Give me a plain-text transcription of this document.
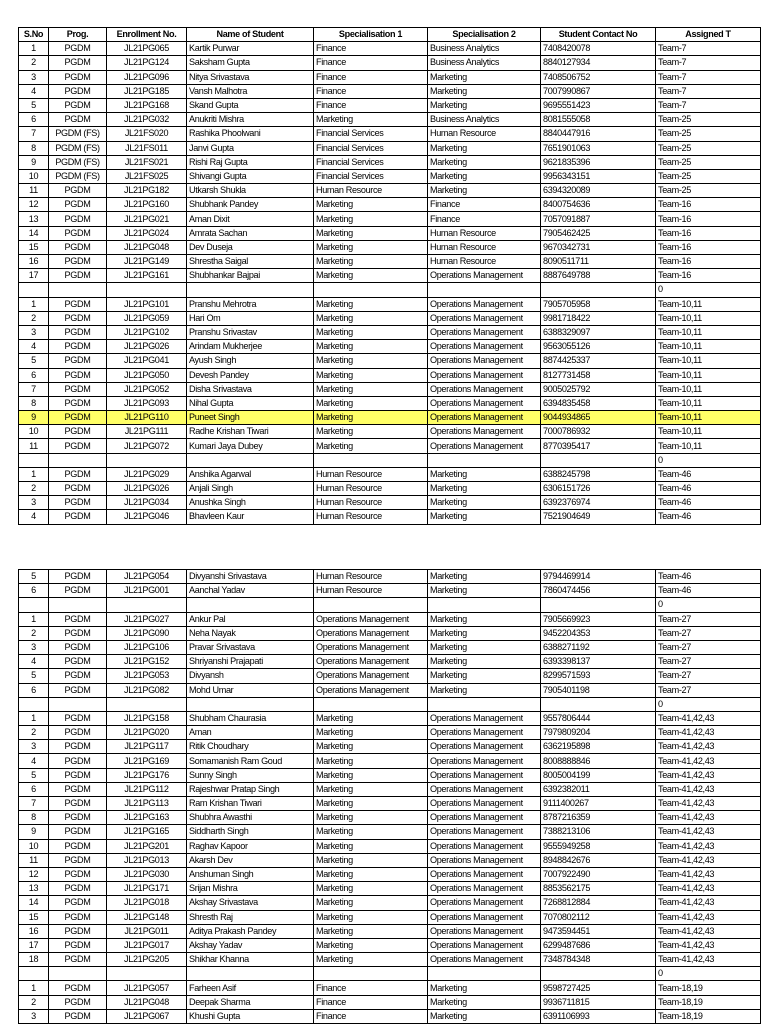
S.No	Prog.	Enrollment No.	Name of Student	Specialisation 1	Specialisation 2	Student Contact No	Assigned T
1	PGDM	JL21PG065	Kartik Purwar	Finance	Business Analytics	7408420078	Team-7
2	PGDM	JL21PG124	Saksham Gupta	Finance	Business Analytics	8840127934	Team-7
3	PGDM	JL21PG096	Nitya Srivastava	Finance	Marketing	7408506752	Team-7
4	PGDM	JL21PG185	Vansh Malhotra	Finance	Marketing	7007990867	Team-7
5	PGDM	JL21PG168	Skand Gupta	Finance	Marketing	9695551423	Team-7
6	PGDM	JL21PG032	Anukriti Mishra	Marketing	Business Analytics	8081555058	Team-25
7	PGDM (FS)	JL21FS020	Rashika Phoolwani	Financial Services	Human Resource	8840447916	Team-25
8	PGDM (FS)	JL21FS011	Janvi Gupta	Financial Services	Marketing	7651901063	Team-25
9	PGDM (FS)	JL21FS021	Rishi Raj Gupta	Financial Services	Marketing	9621835396	Team-25
10	PGDM (FS)	JL21FS025	Shivangi Gupta	Financial Services	Marketing	9956343151	Team-25
11	PGDM	JL21PG182	Utkarsh Shukla	Human Resource	Marketing	6394320089	Team-25
12	PGDM	JL21PG160	Shubhank Pandey	Marketing	Finance	8400754636	Team-16
13	PGDM	JL21PG021	Aman Dixit	Marketing	Finance	7057091887	Team-16
14	PGDM	JL21PG024	Amrata Sachan	Marketing	Human Resource	7905462425	Team-16
15	PGDM	JL21PG048	Dev Duseja	Marketing	Human Resource	9670342731	Team-16
16	PGDM	JL21PG149	Shrestha Saigal	Marketing	Human Resource	8090511711	Team-16
17	PGDM	JL21PG161	Shubhankar Bajpai	Marketing	Operations Management	8887649788	Team-16
							0
1	PGDM	JL21PG101	Pranshu Mehrotra	Marketing	Operations Management	7905705958	Team-10,11
2	PGDM	JL21PG059	Hari Om	Marketing	Operations Management	9981718422	Team-10,11
3	PGDM	JL21PG102	Pranshu Srivastav	Marketing	Operations Management	6388329097	Team-10,11
4	PGDM	JL21PG026	Arindam Mukherjee	Marketing	Operations Management	9563055126	Team-10,11
5	PGDM	JL21PG041	Ayush Singh	Marketing	Operations Management	8874425337	Team-10,11
6	PGDM	JL21PG050	Devesh Pandey	Marketing	Operations Management	8127731458	Team-10,11
7	PGDM	JL21PG052	Disha Srivastava	Marketing	Operations Management	9005025792	Team-10,11
8	PGDM	JL21PG093	Nihal Gupta	Marketing	Operations Management	6394835458	Team-10,11
9	PGDM	JL21PG110	Puneet Singh	Marketing	Operations Management	9044934865	Team-10,11
10	PGDM	JL21PG111	Radhe Krishan Tiwari	Marketing	Operations Management	7000786932	Team-10,11
11	PGDM	JL21PG072	Kumari Jaya Dubey	Marketing	Operations Management	8770395417	Team-10,11
							0
1	PGDM	JL21PG029	Anshika Agarwal	Human Resource	Marketing	6388245798	Team-46
2	PGDM	JL21PG026	Anjali Singh	Human Resource	Marketing	6306151726	Team-46
3	PGDM	JL21PG034	Anushka Singh	Human Resource	Marketing	6392376974	Team-46
4	PGDM	JL21PG046	Bhavleen Kaur	Human Resource	Marketing	7521904649	Team-46
5	PGDM	JL21PG054	Divyanshi Srivastava	Human Resource	Marketing	9794469914	Team-46
6	PGDM	JL21PG001	Aanchal Yadav	Human Resource	Marketing	7860474456	Team-46
							0
1	PGDM	JL21PG027	Ankur Pal	Operations Management	Marketing	7905669923	Team-27
2	PGDM	JL21PG090	Neha Nayak	Operations Management	Marketing	9452204353	Team-27
3	PGDM	JL21PG106	Pravar Srivastava	Operations Management	Marketing	6388271192	Team-27
4	PGDM	JL21PG152	Shriyanshi Prajapati	Operations Management	Marketing	6393398137	Team-27
5	PGDM	JL21PG053	Divyansh	Operations Management	Marketing	8299571593	Team-27
6	PGDM	JL21PG082	Mohd Umar	Operations Management	Marketing	7905401198	Team-27
							0
1	PGDM	JL21PG158	Shubham Chaurasia	Marketing	Operations Management	9557806444	Team-41,42,43
2	PGDM	JL21PG020	Aman	Marketing	Operations Management	7979809204	Team-41,42,43
3	PGDM	JL21PG117	Ritik Choudhary	Marketing	Operations Management	6362195898	Team-41,42,43
4	PGDM	JL21PG169	Somamanish Ram Goud	Marketing	Operations Management	8008888846	Team-41,42,43
5	PGDM	JL21PG176	Sunny Singh	Marketing	Operations Management	8005004199	Team-41,42,43
6	PGDM	JL21PG112	Rajeshwar Pratap Singh	Marketing	Operations Management	6392382011	Team-41,42,43
7	PGDM	JL21PG113	Ram Krishan Tiwari	Marketing	Operations Management	9111400267	Team-41,42,43
8	PGDM	JL21PG163	Shubhra Awasthi	Marketing	Operations Management	8787216359	Team-41,42,43
9	PGDM	JL21PG165	Siddharth Singh	Marketing	Operations Management	7388213106	Team-41,42,43
10	PGDM	JL21PG201	Raghav Kapoor	Marketing	Operations Management	9555949258	Team-41,42,43
11	PGDM	JL21PG013	Akarsh Dev	Marketing	Operations Management	8948842676	Team-41,42,43
12	PGDM	JL21PG030	Anshuman Singh	Marketing	Operations Management	7007922490	Team-41,42,43
13	PGDM	JL21PG171	Srijan Mishra	Marketing	Operations Management	8853562175	Team-41,42,43
14	PGDM	JL21PG018	Akshay Srivastava	Marketing	Operations Management	7268812884	Team-41,42,43
15	PGDM	JL21PG148	Shresth Raj	Marketing	Operations Management	7070802112	Team-41,42,43
16	PGDM	JL21PG011	Aditya Prakash Pandey	Marketing	Operations Management	9473594451	Team-41,42,43
17	PGDM	JL21PG017	Akshay Yadav	Marketing	Operations Management	6299487686	Team-41,42,43
18	PGDM	JL21PG205	Shikhar Khanna	Marketing	Operations Management	7348784348	Team-41,42,43
							0
1	PGDM	JL21PG057	Farheen Asif	Finance	Marketing	9598727425	Team-18,19
2	PGDM	JL21PG048	Deepak Sharma	Finance	Marketing	9936711815	Team-18,19
3	PGDM	JL21PG067	Khushi Gupta	Finance	Marketing	6391106993	Team-18,19
